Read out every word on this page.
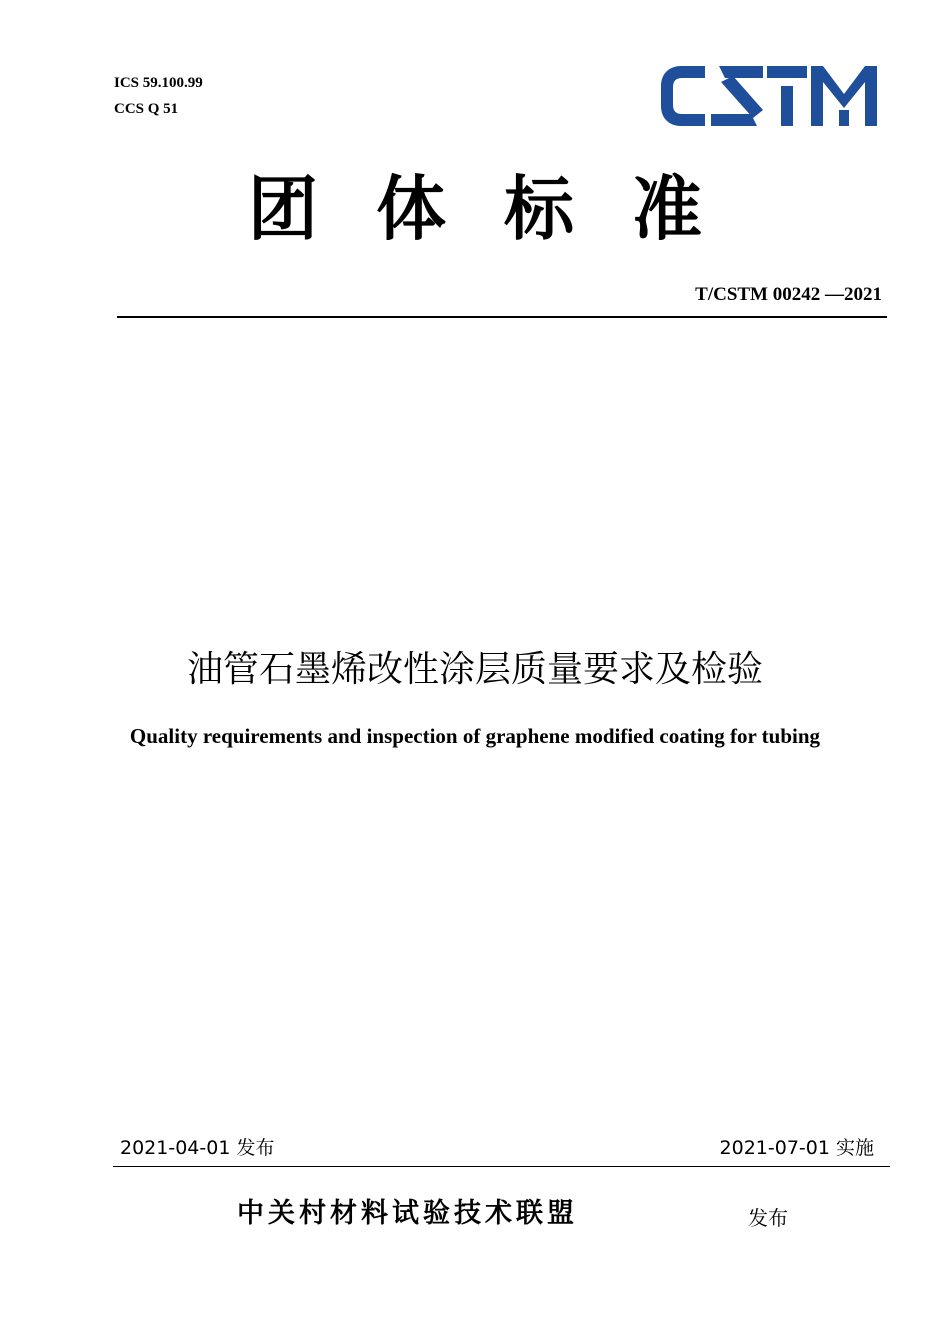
ICS 59.100.99
CCS Q 51
团体标准
T/CSTM 00242 —2021
油管石墨烯改性涂层质量要求及检验
Quality requirements and inspection of graphene modified coating for tubing
2021-04-01 发布	2021-07-01 实施
中关村材料试验技术联盟	发布
